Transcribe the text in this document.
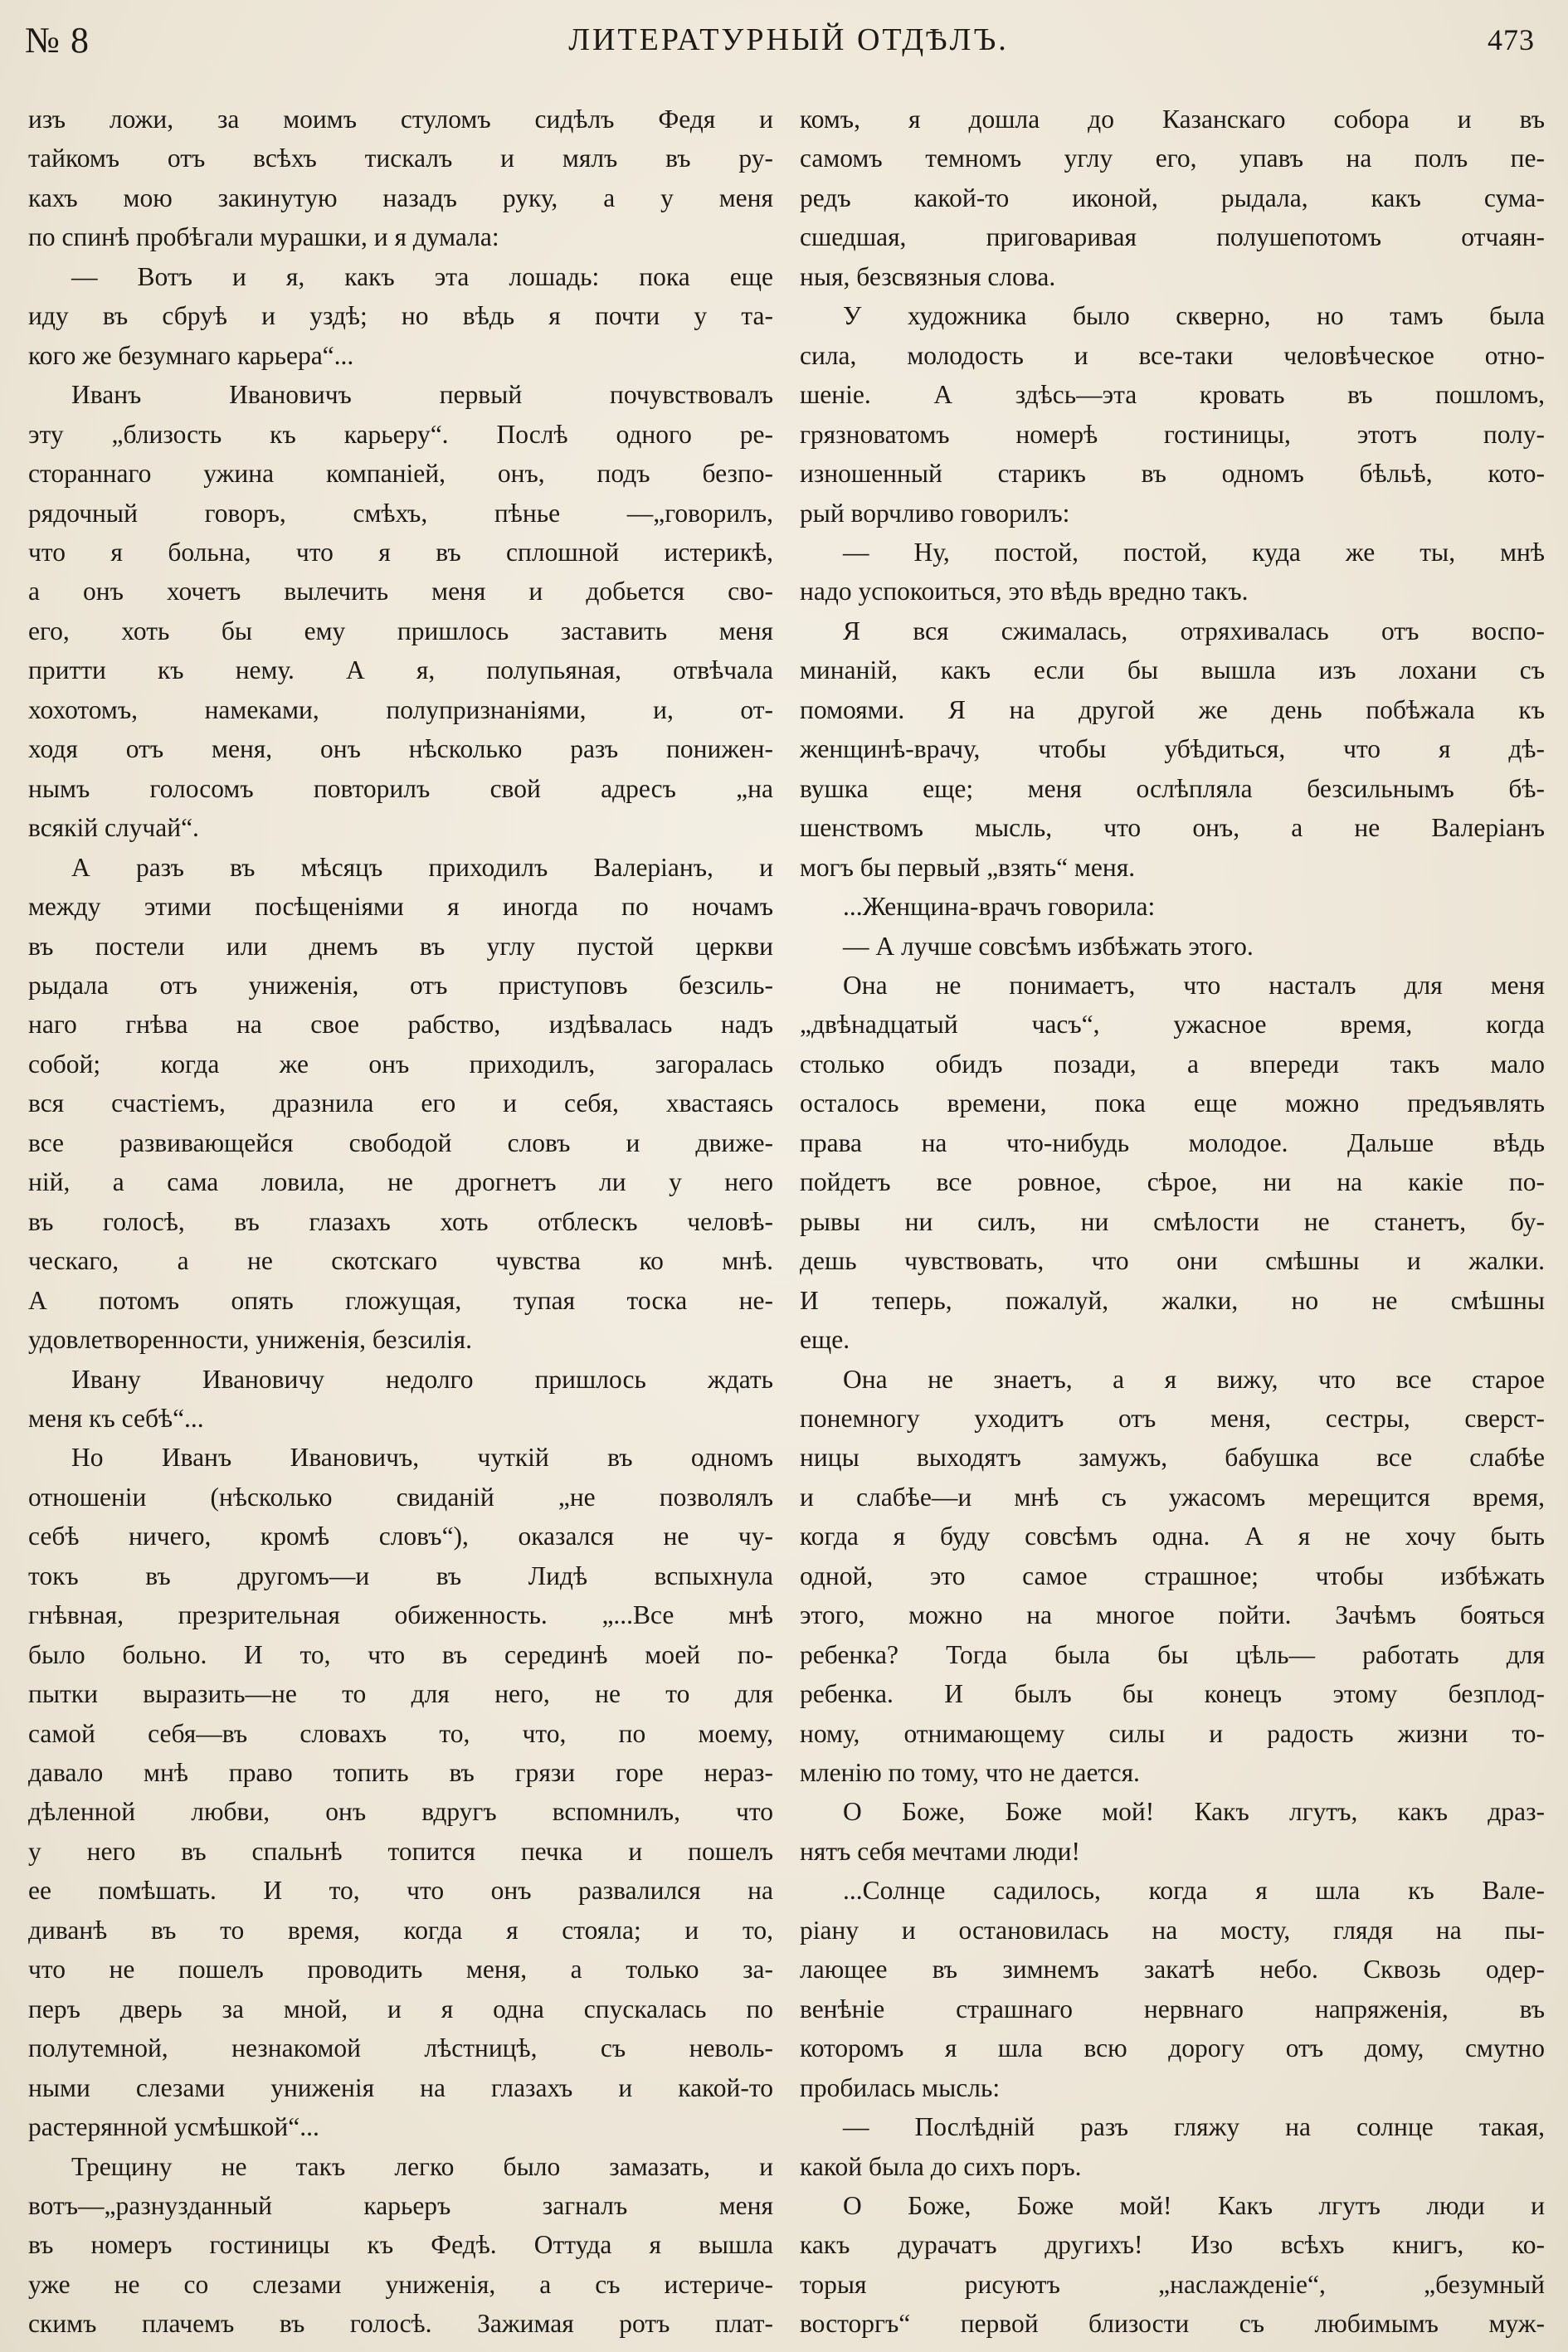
№ 8	ЛИТЕРАТУРНЫЙ ОТДѢЛЪ.	473
изъ ложи, за моимъ стуломъ сидѣлъ Федя и
тайкомъ отъ всѣхъ тискалъ и мялъ въ ру-
кахъ мою закинутую назадъ руку, а у меня
по спинѣ пробѣгали мурашки, и я думала:
— Вотъ и я, какъ эта лошадь: пока еще
иду въ сбруѣ и уздѣ; но вѣдь я почти у та-
кого же безумнаго карьера“...
Иванъ Ивановичъ первый почувствовалъ
эту „близость къ карьеру“. Послѣ одного ре-
стораннаго ужина компаніей, онъ, подъ безпо-
рядочный говоръ, смѣхъ, пѣнье —„говорилъ,
что я больна, что я въ сплошной истерикѣ,
а онъ хочетъ вылечить меня и добьется сво-
его, хоть бы ему пришлось заставить меня
притти къ нему. А я, полупьяная, отвѣчала
хохотомъ, намеками, полупризнаніями, и, от-
ходя отъ меня, онъ нѣсколько разъ понижен-
нымъ голосомъ повторилъ свой адресъ „на
всякій случай“.
А разъ въ мѣсяцъ приходилъ Валеріанъ, и
между этими посѣщеніями я иногда по ночамъ
въ постели или днемъ въ углу пустой церкви
рыдала отъ униженія, отъ приступовъ безсиль-
наго гнѣва на свое рабство, издѣвалась надъ
собой; когда же онъ приходилъ, загоралась
вся счастіемъ, дразнила его и себя, хвастаясь
все развивающейся свободой словъ и движе-
ній, а сама ловила, не дрогнетъ ли у него
въ голосѣ, въ глазахъ хоть отблескъ человѣ-
ческаго, а не скотскаго чувства ко мнѣ.
А потомъ опять гложущая, тупая тоска не-
удовлетворенности, униженія, безсилія.
Ивану Ивановичу недолго пришлось ждать
меня къ себѣ“...
Но Иванъ Ивановичъ, чуткій въ одномъ
отношеніи (нѣсколько свиданій „не позволялъ
себѣ ничего, кромѣ словъ“), оказался не чу-
токъ въ другомъ—и въ Лидѣ вспыхнула
гнѣвная, презрительная обиженность. „...Все мнѣ
было больно. И то, что въ серединѣ моей по-
пытки выразить—не то для него, не то для
самой себя—въ словахъ то, что, по моему,
давало мнѣ право топить въ грязи горе нераз-
дѣленной любви, онъ вдругъ вспомнилъ, что
у него въ спальнѣ топится печка и пошелъ
ее помѣшать. И то, что онъ развалился на
диванѣ въ то время, когда я стояла; и то,
что не пошелъ проводить меня, а только за-
перъ дверь за мной, и я одна спускалась по
полутемной, незнакомой лѣстницѣ, съ неволь-
ными слезами униженія на глазахъ и какой-то
растерянной усмѣшкой“...
Трещину не такъ легко было замазать, и
вотъ—„разнузданный карьеръ загналъ меня
въ номеръ гостиницы къ Федѣ. Оттуда я вышла
уже не со слезами униженія, а съ истериче-
скимъ плачемъ въ голосѣ. Зажимая ротъ плат-
комъ, я дошла до Казанскаго собора и въ
самомъ темномъ углу его, упавъ на полъ пе-
редъ какой-то иконой, рыдала, какъ сума-
сшедшая, приговаривая полушепотомъ отчаян-
ныя, безсвязныя слова.
У художника было скверно, но тамъ была
сила, молодость и все-таки человѣческое отно-
шеніе. А здѣсь—эта кровать въ пошломъ,
грязноватомъ номерѣ гостиницы, этотъ полу-
изношенный старикъ въ одномъ бѣльѣ, кото-
рый ворчливо говорилъ:
— Ну, постой, постой, куда же ты, мнѣ
надо успокоиться, это вѣдь вредно такъ.
Я вся сжималась, отряхивалась отъ воспо-
минаній, какъ если бы вышла изъ лохани съ
помоями. Я на другой же день побѣжала къ
женщинѣ-врачу, чтобы убѣдиться, что я дѣ-
вушка еще; меня ослѣпляла безсильнымъ бѣ-
шенствомъ мысль, что онъ, а не Валеріанъ
могъ бы первый „взять“ меня.
...Женщина-врачъ говорила:
— А лучше совсѣмъ избѣжать этого.
Она не понимаетъ, что насталъ для меня
„двѣнадцатый часъ“, ужасное время, когда
столько обидъ позади, а впереди такъ мало
осталось времени, пока еще можно предъявлять
права на что-нибудь молодое. Дальше вѣдь
пойдетъ все ровное, сѣрое, ни на какіе по-
рывы ни силъ, ни смѣлости не станетъ, бу-
дешь чувствовать, что они смѣшны и жалки.
И теперь, пожалуй, жалки, но не смѣшны
еще.
Она не знаетъ, а я вижу, что все старое
понемногу уходитъ отъ меня, сестры, сверст-
ницы выходятъ замужъ, бабушка все слабѣе
и слабѣе—и мнѣ съ ужасомъ мерещится время,
когда я буду совсѣмъ одна. А я не хочу быть
одной, это самое страшное; чтобы избѣжать
этого, можно на многое пойти. Зачѣмъ бояться
ребенка? Тогда была бы цѣль— работать для
ребенка. И былъ бы конецъ этому безплод-
ному, отнимающему силы и радость жизни то-
мленію по тому, что не дается.
О Боже, Боже мой! Какъ лгутъ, какъ драз-
нятъ себя мечтами люди!
...Солнце садилось, когда я шла къ Вале-
ріану и остановилась на мосту, глядя на пы-
лающее въ зимнемъ закатѣ небо. Сквозь одер-
венѣніе страшнаго нервнаго напряженія, въ
которомъ я шла всю дорогу отъ дому, смутно
пробилась мысль:
— Послѣдній разъ гляжу на солнце такая,
какой была до сихъ поръ.
О Боже, Боже мой! Какъ лгутъ люди и
какъ дурачатъ другихъ! Изо всѣхъ книгъ, ко-
торыя рисуютъ „наслажденіе“, „безумный
восторгъ“ первой близости съ любимымъ муж-
